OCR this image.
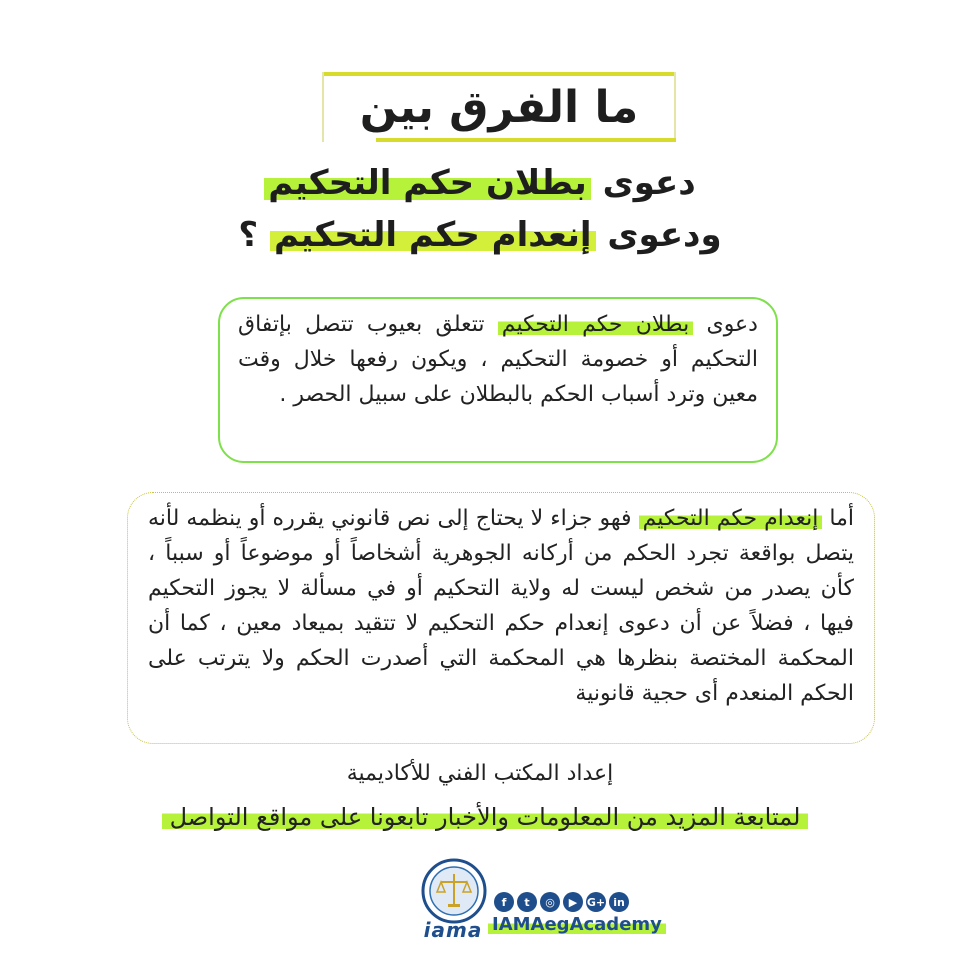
ما الفرق بين
دعوى بطلان حكم التحكيم
ودعوى إنعدام حكم التحكيم ؟

دعوى بطلان حكم التحكيم تتعلق بعيوب تتصل بإتفاق التحكيم أو خصومة التحكيم ، ويكون رفعها خلال وقت معين وترد أسباب الحكم بالبطلان على سبيل الحصر .

أما إنعدام حكم التحكيم فهو جزاء لا يحتاج إلى نص قانوني يقرره أو ينظمه لأنه يتصل بواقعة تجرد الحكم من أركانه الجوهرية أشخاصاً أو موضوعاً أو سبباً ، كأن يصدر من شخص ليست له ولاية التحكيم أو في مسألة لا يجوز التحكيم فيها ، فضلاً عن أن دعوى إنعدام حكم التحكيم لا تتقيد بميعاد معين ، كما أن المحكمة المختصة بنظرها هي المحكمة التي أصدرت الحكم ولا يترتب على الحكم المنعدم أى حجية قانونية

إعداد المكتب الفني للأكاديمية
لمتابعة المزيد من المعلومات والأخبار تابعونا على مواقع التواصل
iama
f	t	◎	▶ G+ in
IAMAegAcademy
